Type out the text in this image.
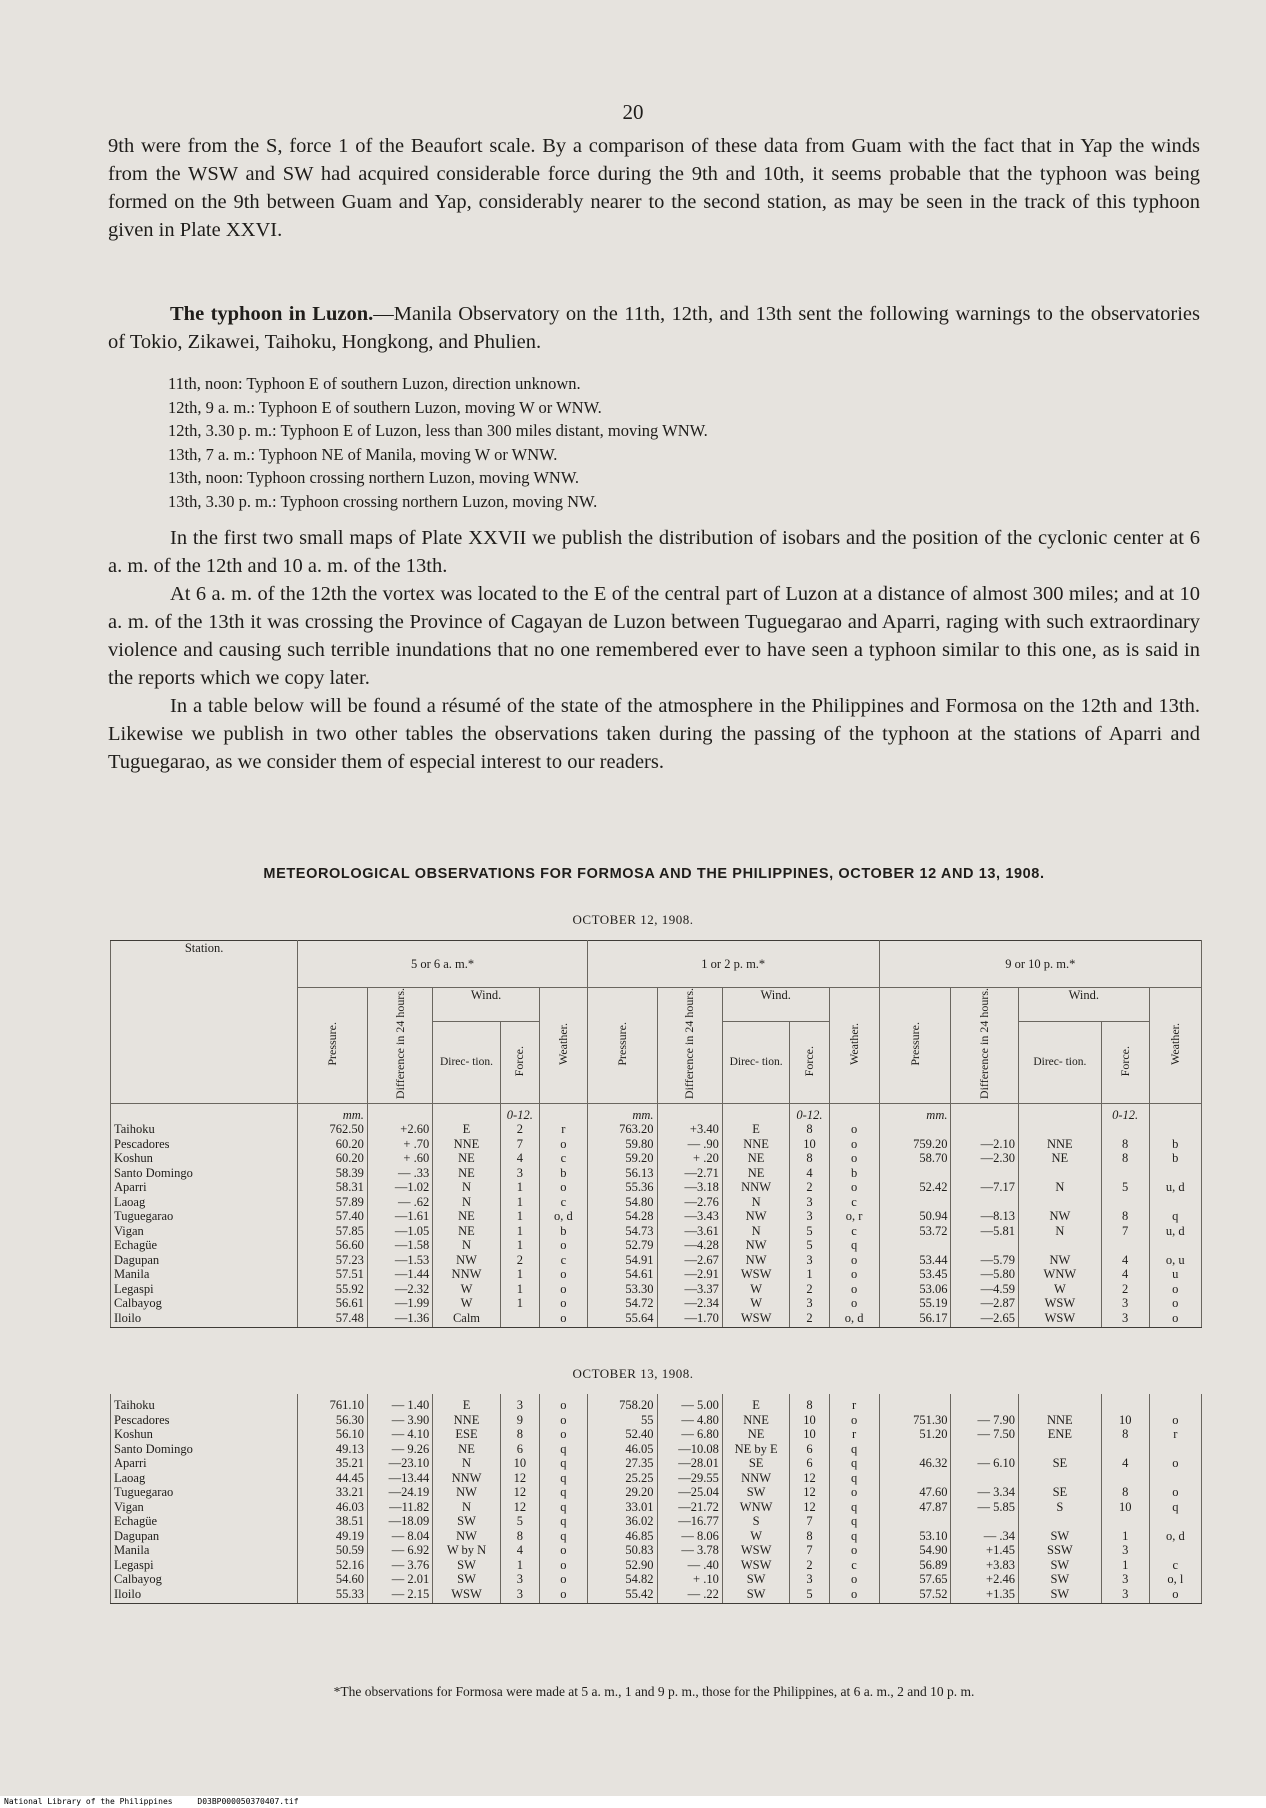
20

9th were from the S, force 1 of the Beaufort scale. By a comparison of these data from Guam with the fact that in Yap the winds from the WSW and SW had acquired considerable force during the 9th and 10th, it seems probable that the typhoon was being formed on the 9th between Guam and Yap, considerably nearer to the second station, as may be seen in the track of this typhoon given in Plate XXVI.

The typhoon in Luzon.—Manila Observatory on the 11th, 12th, and 13th sent the following warnings to the observatories of Tokio, Zikawei, Taihoku, Hongkong, and Phulien.

11th, noon: Typhoon E of southern Luzon, direction unknown.
12th, 9 a. m.: Typhoon E of southern Luzon, moving W or WNW.
12th, 3.30 p. m.: Typhoon E of Luzon, less than 300 miles distant, moving WNW.
13th, 7 a. m.: Typhoon NE of Manila, moving W or WNW.
13th, noon: Typhoon crossing northern Luzon, moving WNW.
13th, 3.30 p. m.: Typhoon crossing northern Luzon, moving NW.

In the first two small maps of Plate XXVII we publish the distribution of isobars and the position of the cyclonic center at 6 a. m. of the 12th and 10 a. m. of the 13th.

At 6 a. m. of the 12th the vortex was located to the E of the central part of Luzon at a distance of almost 300 miles; and at 10 a. m. of the 13th it was crossing the Province of Cagayan de Luzon between Tuguegarao and Aparri, raging with such extraordinary violence and causing such terrible inundations that no one remembered ever to have seen a typhoon similar to this one, as is said in the reports which we copy later.

In a table below will be found a résumé of the state of the atmosphere in the Philippines and Formosa on the 12th and 13th. Likewise we publish in two other tables the observations taken during the passing of the typhoon at the stations of Aparri and Tuguegarao, as we consider them of especial interest to our readers.

METEOROLOGICAL OBSERVATIONS FOR FORMOSA AND THE PHILIPPINES, OCTOBER 12 AND 13, 1908.
OCTOBER 12, 1908.
Station.	5 or 6 a. m.*					1 or 2 p. m.*					9 or 10 p. m.*				
	Pressure.	Difference in 24 hours.	Wind.		Weather.	Pressure.	Difference in 24 hours.	Wind.		Weather.	Pressure.	Difference in 24 hours.	Wind.		Weather.
			Direc- tion.	Force.				Direc- tion.	Force.				Direc- tion.	Force.	
	mm.			0-12.		mm.			0-12.		mm.			0-12.	
Taihoku	762.50	+2.60	E	2	r	763.20	+3.40	E	8	o					
Pescadores	60.20	+ .70	NNE	7	o	59.80	— .90	NNE	10	o	759.20	—2.10	NNE	8	b
Koshun	60.20	+ .60	NE	4	c	59.20	+ .20	NE	8	o	58.70	—2.30	NE	8	b
Santo Domingo	58.39	— .33	NE	3	b	56.13	—2.71	NE	4	b					
Aparri	58.31	—1.02	N	1	o	55.36	—3.18	NNW	2	o	52.42	—7.17	N	5	u, d
Laoag	57.89	— .62	N	1	c	54.80	—2.76	N	3	c					
Tuguegarao	57.40	—1.61	NE	1	o, d	54.28	—3.43	NW	3	o, r	50.94	—8.13	NW	8	q
Vigan	57.85	—1.05	NE	1	b	54.73	—3.61	N	5	c	53.72	—5.81	N	7	u, d
Echagüe	56.60	—1.58	N	1	o	52.79	—4.28	NW	5	q					
Dagupan	57.23	—1.53	NW	2	c	54.91	—2.67	NW	3	o	53.44	—5.79	NW	4	o, u
Manila	57.51	—1.44	NNW	1	o	54.61	—2.91	WSW	1	o	53.45	—5.80	WNW	4	u
Legaspi	55.92	—2.32	W	1	o	53.30	—3.37	W	2	o	53.06	—4.59	W	2	o
Calbayog	56.61	—1.99	W	1	o	54.72	—2.34	W	3	o	55.19	—2.87	WSW	3	o
Iloilo	57.48	—1.36	Calm		o	55.64	—1.70	WSW	2	o, d	56.17	—2.65	WSW	3	o
OCTOBER 13, 1908.
Taihoku	761.10	— 1.40	E	3	o	758.20	— 5.00	E	8	r					
Pescadores	56.30	— 3.90	NNE	9	o	55	— 4.80	NNE	10	o	751.30	— 7.90	NNE	10	o
Koshun	56.10	— 4.10	ESE	8	o	52.40	— 6.80	NE	10	r	51.20	— 7.50	ENE	8	r
Santo Domingo	49.13	— 9.26	NE	6	q	46.05	—10.08	NE by E	6	q					
Aparri	35.21	—23.10	N	10	q	27.35	—28.01	SE	6	q	46.32	— 6.10	SE	4	o
Laoag	44.45	—13.44	NNW	12	q	25.25	—29.55	NNW	12	q					
Tuguegarao	33.21	—24.19	NW	12	q	29.20	—25.04	SW	12	o	47.60	— 3.34	SE	8	o
Vigan	46.03	—11.82	N	12	q	33.01	—21.72	WNW	12	q	47.87	— 5.85	S	10	q
Echagüe	38.51	—18.09	SW	5	q	36.02	—16.77	S	7	q					
Dagupan	49.19	— 8.04	NW	8	q	46.85	— 8.06	W	8	q	53.10	— .34	SW	1	o, d
Manila	50.59	— 6.92	W by N	4	o	50.83	— 3.78	WSW	7	o	54.90	+1.45	SSW	3	
Legaspi	52.16	— 3.76	SW	1	o	52.90	— .40	WSW	2	c	56.89	+3.83	SW	1	c
Calbayog	54.60	— 2.01	SW	3	o	54.82	+ .10	SW	3	o	57.65	+2.46	SW	3	o, l
Iloilo	55.33	— 2.15	WSW	3	o	55.42	— .22	SW	5	o	57.52	+1.35	SW	3	o
*The observations for Formosa were made at 5 a. m., 1 and 9 p. m., those for the Philippines, at 6 a. m., 2 and 10 p. m.
National Library of the Philippines	D03BP000050370407.tif
